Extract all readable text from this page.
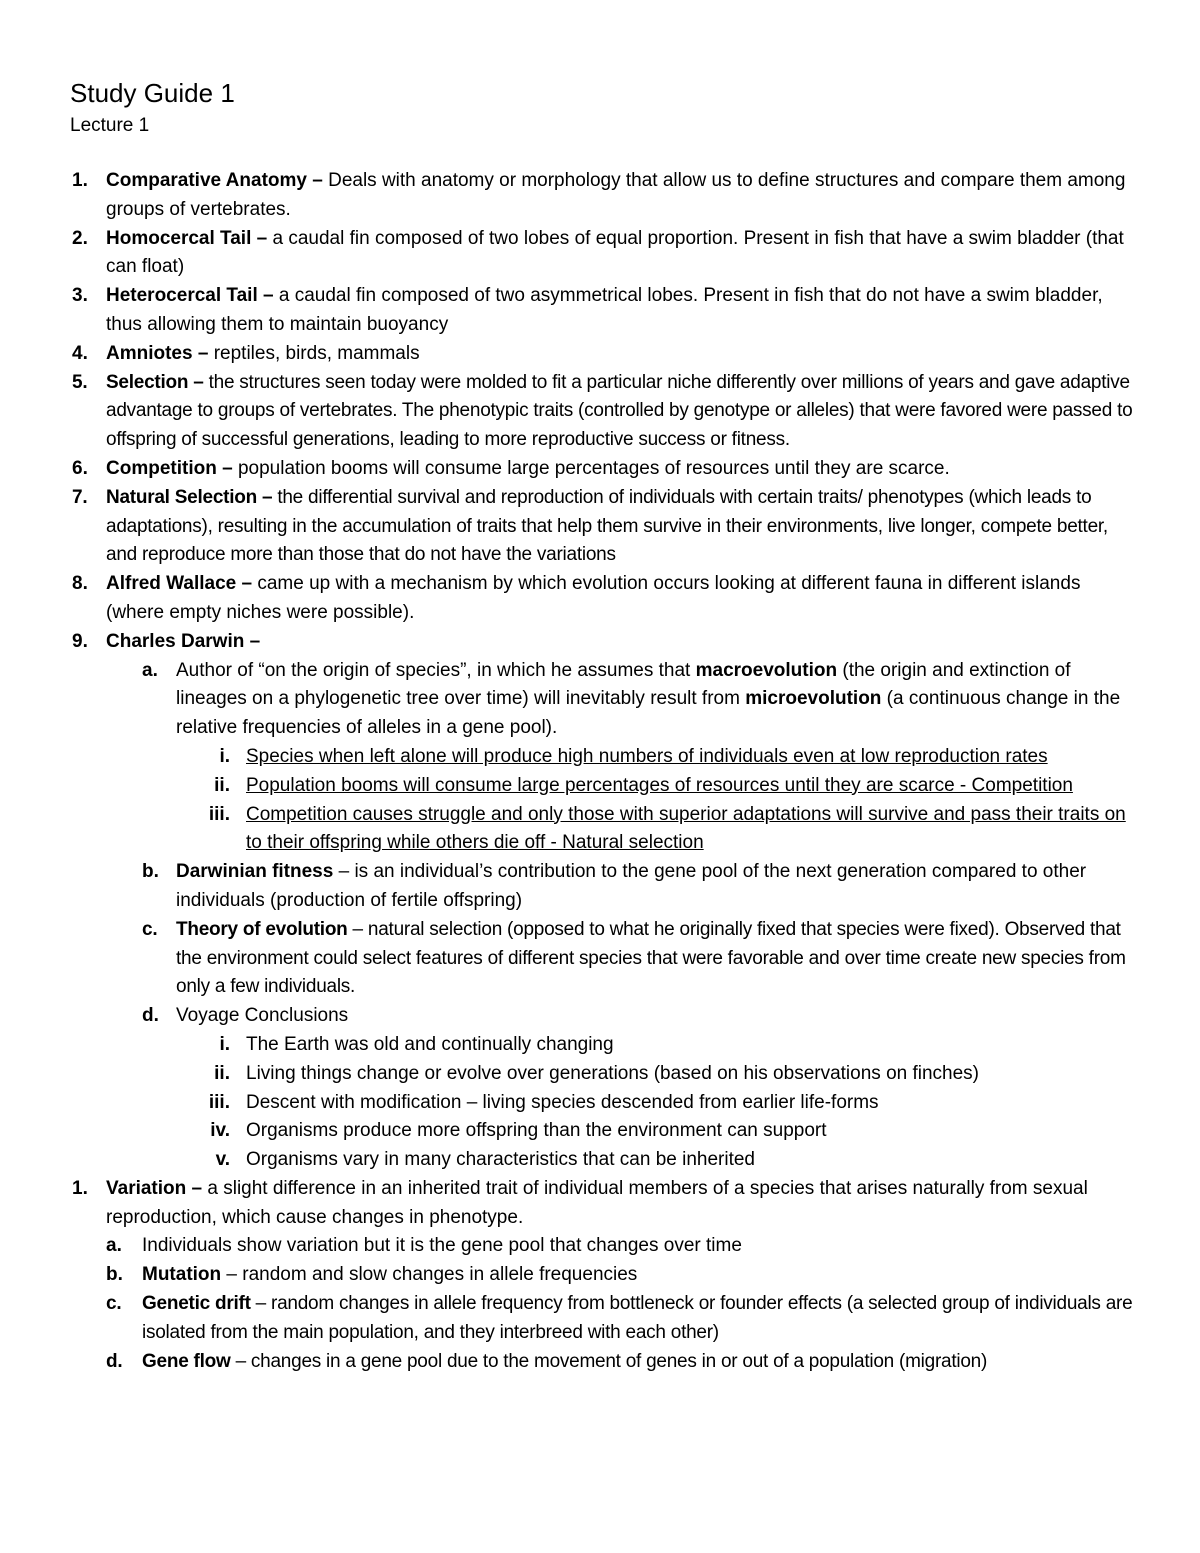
Study Guide 1
Lecture 1
1. Comparative Anatomy – Deals with anatomy or morphology that allow us to define structures and compare them among groups of vertebrates.
2. Homocercal Tail – a caudal fin composed of two lobes of equal proportion. Present in fish that have a swim bladder (that can float)
3. Heterocercal Tail – a caudal fin composed of two asymmetrical lobes. Present in fish that do not have a swim bladder, thus allowing them to maintain buoyancy
4. Amniotes – reptiles, birds, mammals
5. Selection – the structures seen today were molded to fit a particular niche differently over millions of years and gave adaptive advantage to groups of vertebrates. The phenotypic traits (controlled by genotype or alleles) that were favored were passed to offspring of successful generations, leading to more reproductive success or fitness.
6. Competition – population booms will consume large percentages of resources until they are scarce.
7. Natural Selection – the differential survival and reproduction of individuals with certain traits/ phenotypes (which leads to adaptations), resulting in the accumulation of traits that help them survive in their environments, live longer, compete better, and reproduce more than those that do not have the variations
8. Alfred Wallace – came up with a mechanism by which evolution occurs looking at different fauna in different islands (where empty niches were possible).
9. Charles Darwin –
a. Author of “on the origin of species”, in which he assumes that macroevolution (the origin and extinction of lineages on a phylogenetic tree over time) will inevitably result from microevolution (a continuous change in the relative frequencies of alleles in a gene pool).
i. Species when left alone will produce high numbers of individuals even at low reproduction rates
ii. Population booms will consume large percentages of resources until they are scarce - Competition
iii. Competition causes struggle and only those with superior adaptations will survive and pass their traits on to their offspring while others die off - Natural selection
b. Darwinian fitness – is an individual’s contribution to the gene pool of the next generation compared to other individuals (production of fertile offspring)
c. Theory of evolution – natural selection (opposed to what he originally fixed that species were fixed). Observed that the environment could select features of different species that were favorable and over time create new species from only a few individuals.
d. Voyage Conclusions
i. The Earth was old and continually changing
ii. Living things change or evolve over generations (based on his observations on finches)
iii. Descent with modification – living species descended from earlier life-forms
iv. Organisms produce more offspring than the environment can support
v. Organisms vary in many characteristics that can be inherited
1. Variation – a slight difference in an inherited trait of individual members of a species that arises naturally from sexual reproduction, which cause changes in phenotype.
a. Individuals show variation but it is the gene pool that changes over time
b. Mutation – random and slow changes in allele frequencies
c. Genetic drift – random changes in allele frequency from bottleneck or founder effects (a selected group of individuals are isolated from the main population, and they interbreed with each other)
d. Gene flow – changes in a gene pool due to the movement of genes in or out of a population (migration)
